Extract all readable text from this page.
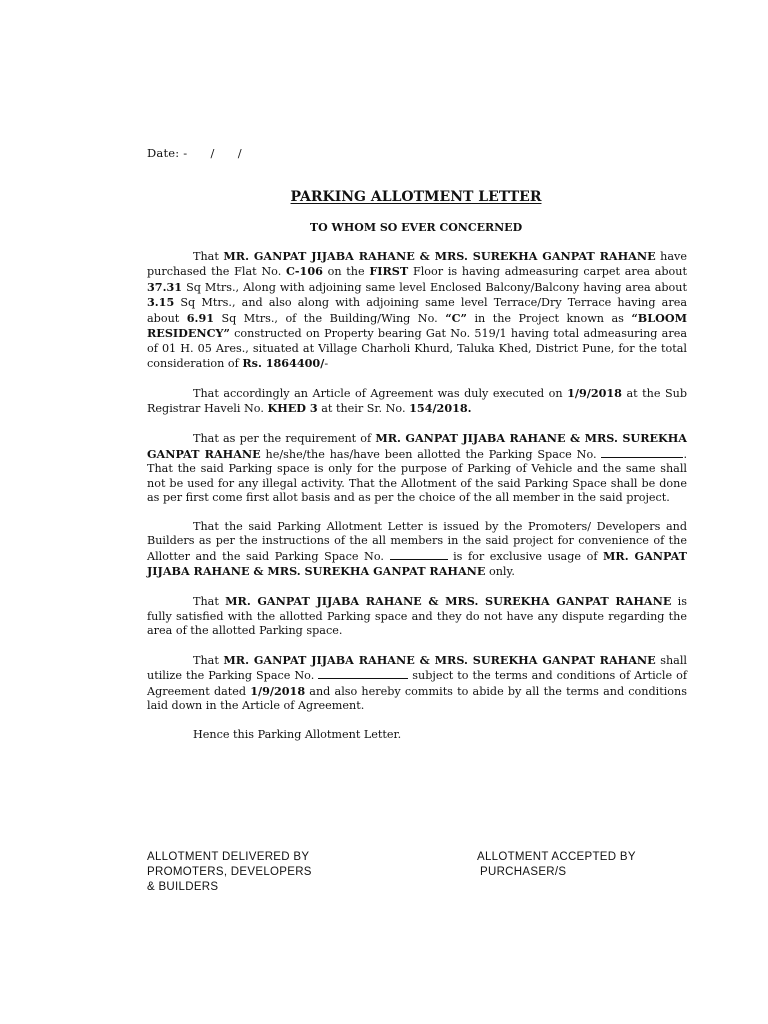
Date: - / /
PARKING ALLOTMENT LETTER
TO WHOM SO EVER CONCERNED

That MR. GANPAT JIJABA RAHANE & MRS. SUREKHA GANPAT RAHANE have purchased the Flat No. C-106 on the FIRST Floor is having admeasuring carpet area about 37.31 Sq Mtrs., Along with adjoining same level Enclosed Balcony/Balcony having area about 3.15 Sq Mtrs., and also along with adjoining same level Terrace/Dry Terrace having area about 6.91 Sq Mtrs., of the Building/Wing No. “C” in the Project known as “BLOOM RESIDENCY” constructed on Property bearing Gat No. 519/1 having total admeasuring area of 01 H. 05 Ares., situated at Village Charholi Khurd, Taluka Khed, District Pune, for the total consideration of Rs. 1864400/-

That accordingly an Article of Agreement was duly executed on 1/9/2018 at the Sub Registrar Haveli No. KHED 3 at their Sr. No. 154/2018.

That as per the requirement of MR. GANPAT JIJABA RAHANE & MRS. SUREKHA GANPAT RAHANE he/she/the has/have been allotted the Parking Space No.	. That the said Parking space is only for the purpose of Parking of Vehicle and the same shall not be used for any illegal activity. That the Allotment of the said Parking Space shall be done as per first come first allot basis and as per the choice of the all member in the said project.

That the said Parking Allotment Letter is issued by the Promoters/ Developers and Builders as per the instructions of the all members in the said project for convenience of the Allotter and the said Parking Space No.	is for exclusive usage of MR. GANPAT JIJABA RAHANE & MRS. SUREKHA GANPAT RAHANE only.

That MR. GANPAT JIJABA RAHANE & MRS. SUREKHA GANPAT RAHANE is fully satisfied with the allotted Parking space and they do not have any dispute regarding the area of the allotted Parking space.

That MR. GANPAT JIJABA RAHANE & MRS. SUREKHA GANPAT RAHANE shall utilize the Parking Space No.	subject to the terms and conditions of Article of Agreement dated 1/9/2018 and also hereby commits to abide by all the terms and conditions laid down in the Article of Agreement.

Hence this Parking Allotment Letter.

ALLOTMENT DELIVERED BY
PROMOTERS, DEVELOPERS
& BUILDERS
ALLOTMENT ACCEPTED BY
PURCHASER/S
